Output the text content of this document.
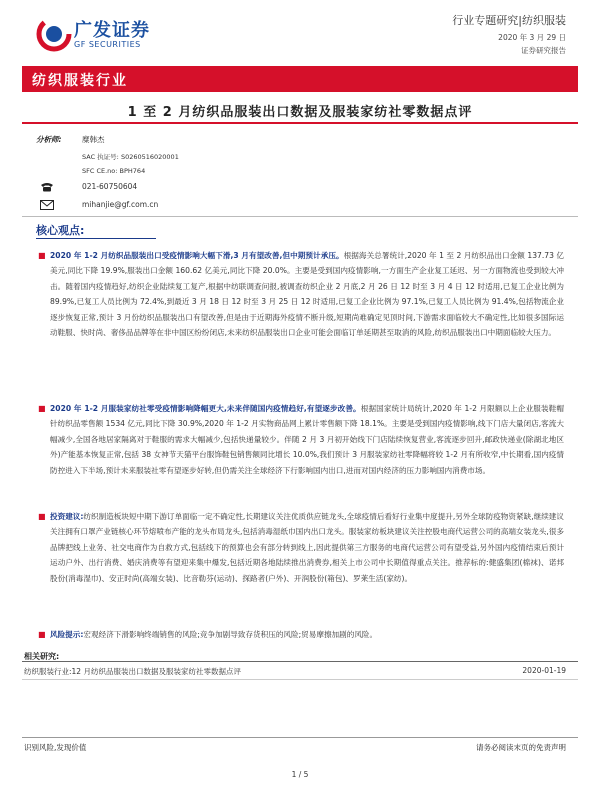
广发证券
GF SECURITIES
行业专题研究|纺织服装
2020 年 3 月 29 日
证券研究报告
纺织服装行业
1 至 2 月纺织品服装出口数据及服装家纺社零数据点评
分析师:	糜韩杰
SAC 执证号: S0260516020001
SFC CE.no: BPH764
021-60750604
mihanjie@gf.com.cn
核心观点:
■ 2020 年 1-2 月纺织品服装出口受疫情影响大幅下滑,3 月有望改善,但中期预计承压。根据海关总署统计,2020 年 1 至 2 月纺织品出口金额 137.73 亿美元,同比下降 19.9%,服装出口金额 160.62 亿美元,同比下降 20.0%。主要是受到国内疫情影响,一方面生产企业复工延迟、另一方面物流也受到较大冲击。随着国内疫情趋好,纺织企业陆续复工复产,根据中纺联调查问报,被调查纺织企业 2 月底,2 月 26 日 12 时至 3 月 4 日 12 时适用,已复工企业比例为 89.9%,已复工人员比例为 72.4%,到最近 3 月 18 日 12 时至 3 月 25 日 12 时适用,已复工企业比例为 97.1%,已复工人员比例为 91.4%,包括物流企业逐步恢复正常,预计 3 月份纺织品服装出口有望改善,但是由于近期海外疫情不断升级,短期尚难确定见顶时间,下游需求面临较大不确定性,比如很多国际运动鞋服、快时尚、奢侈品品牌等在非中国区纷纷闭店,未来纺织品服装出口企业可能会面临订单延期甚至取消的风险,纺织品服装出口中期面临较大压力。
■ 2020 年 1-2 月服装家纺社零受疫情影响降幅更大,未来伴随国内疫情趋好,有望逐步改善。根据国家统计局统计,2020 年 1-2 月限额以上企业服装鞋帽针纺织品零售额 1534 亿元,同比下降 30.9%,2020 年 1-2 月实物商品网上累计零售额下降 18.1%。主要是受到国内疫情影响,线下门店大量闭店,客流大幅减少,全国各地居家隔离对于鞋服的需求大幅减少,包括快递量较少。伴随 2 月 3 月初开始线下门店陆续恢复营业,客流逐步回升,邮政快递业(除湖北地区外)产能基本恢复正常,包括 38 女神节天猫平台服饰鞋包销售额同比增长 10.0%,我们预计 3 月服装家纺社零降幅将较 1-2 月有所收窄,中长期看,国内疫情防控进入下半场,预计未来服装社零有望逐步好转,但仍需关注全球经济下行影响国内出口,进而对国内经济的压力影响国内消费市场。
■ 投资建议:纺织制造板块短中期下游订单面临一定不确定性,长期建议关注优质供应链龙头,全球疫情后看好行业集中度提升,另外全球防疫物资紧缺,继续建议关注拥有口罩产业链核心环节熔喷布产能的龙头布局龙头,包括消毒湿纸巾国内出口龙头。服装家纺板块建议关注控股电商代运营公司的高端女装龙头,很多品牌把线上业务、社交电商作为自救方式,包括线下的预算也会有部分转到线上,因此提供第三方服务的电商代运营公司有望受益,另外国内疫情结束后预计运动户外、出行消费、婚庆消费等有望迎来集中爆发,包括近期各地陆续推出消费券,相关上市公司中长期值得重点关注。推荐标的:健盛集团(棉袜)、诺邦股份(消毒湿巾)、安正时尚(高端女装)、比音勒芬(运动)、探路者(户外)、开润股份(箱包)、罗莱生活(家纺)。
■ 风险提示:宏观经济下滑影响终端销售的风险;竞争加剧导致存货积压的风险;贸易摩擦加剧的风险。
相关研究:
纺织服装行业:12 月纺织品服装出口数据及服装家纺社零数据点评	2020-01-19
识别风险,发现价值	请务必阅读末页的免责声明
1 / 5
